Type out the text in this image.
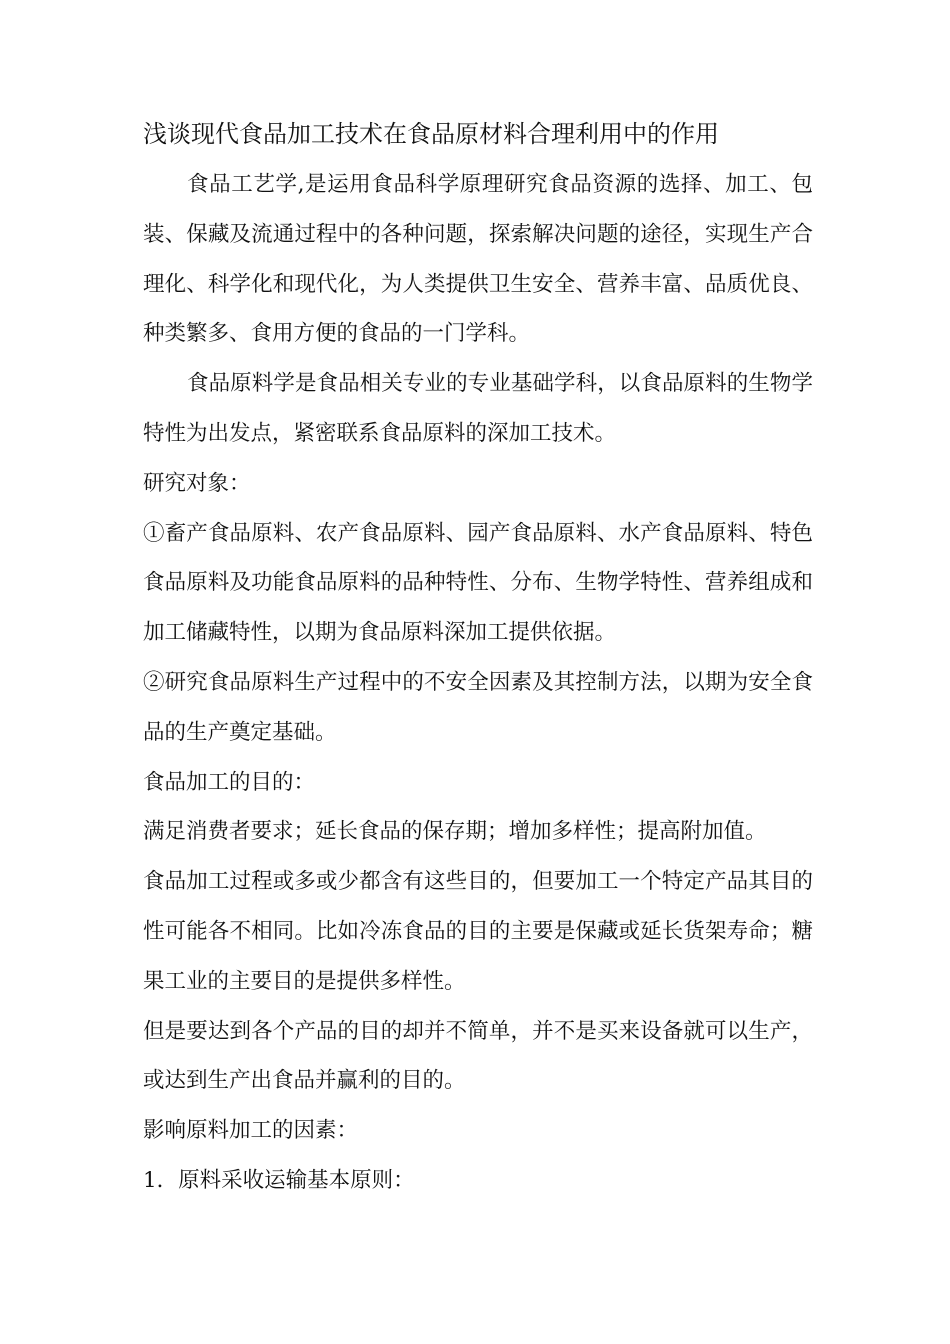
浅谈现代食品加工技术在食品原材料合理利用中的作用

食品工艺学,是运用食品科学原理研究食品资源的选择、加工、包装、保藏及流通过程中的各种问题，探索解决问题的途径，实现生产合理化、科学化和现代化，为人类提供卫生安全、营养丰富、品质优良、种类繁多、食用方便的食品的一门学科。

食品原料学是食品相关专业的专业基础学科，以食品原料的生物学特性为出发点，紧密联系食品原料的深加工技术。

研究对象：

①畜产食品原料、农产食品原料、园产食品原料、水产食品原料、特色食品原料及功能食品原料的品种特性、分布、生物学特性、营养组成和加工储藏特性，以期为食品原料深加工提供依据。

②研究食品原料生产过程中的不安全因素及其控制方法，以期为安全食品的生产奠定基础。

食品加工的目的：

满足消费者要求；延长食品的保存期；增加多样性；提高附加值。

食品加工过程或多或少都含有这些目的，但要加工一个特定产品其目的性可能各不相同。比如冷冻食品的目的主要是保藏或延长货架寿命；糖果工业的主要目的是提供多样性。

但是要达到各个产品的目的却并不简单，并不是买来设备就可以生产，或达到生产出食品并赢利的目的。

影响原料加工的因素：

1．原料采收运输基本原则：
